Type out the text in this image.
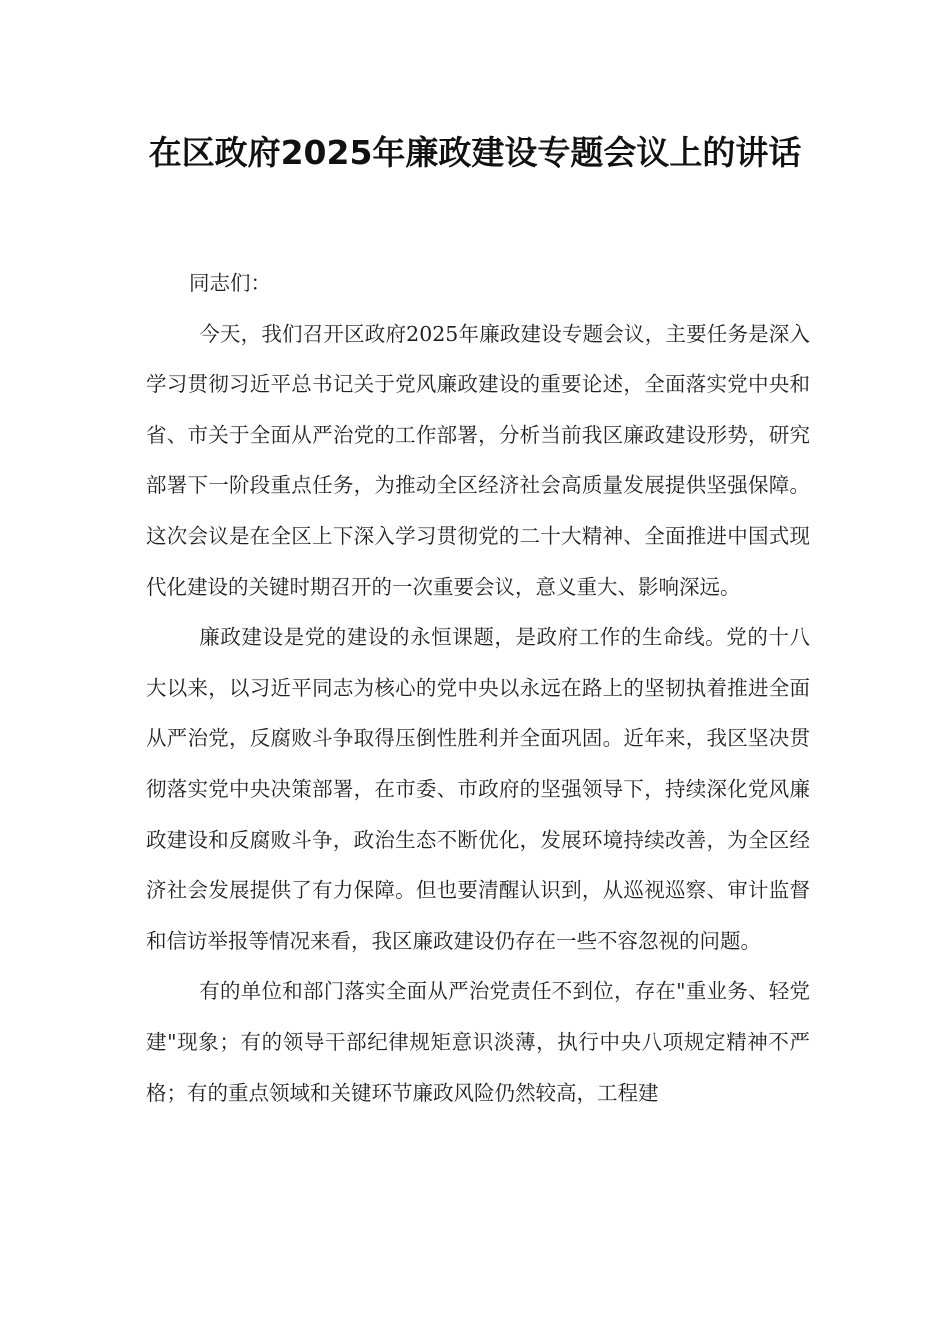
在区政府2025年廉政建设专题会议上的讲话

同志们：

今天，我们召开区政府2025年廉政建设专题会议，主要任务是深入学习贯彻习近平总书记关于党风廉政建设的重要论述，全面落实党中央和省、市关于全面从严治党的工作部署，分析当前我区廉政建设形势，研究部署下一阶段重点任务，为推动全区经济社会高质量发展提供坚强保障。这次会议是在全区上下深入学习贯彻党的二十大精神、全面推进中国式现代化建设的关键时期召开的一次重要会议，意义重大、影响深远。

廉政建设是党的建设的永恒课题，是政府工作的生命线。党的十八大以来，以习近平同志为核心的党中央以永远在路上的坚韧执着推进全面从严治党，反腐败斗争取得压倒性胜利并全面巩固。近年来，我区坚决贯彻落实党中央决策部署，在市委、市政府的坚强领导下，持续深化党风廉政建设和反腐败斗争，政治生态不断优化，发展环境持续改善，为全区经济社会发展提供了有力保障。但也要清醒认识到，从巡视巡察、审计监督和信访举报等情况来看，我区廉政建设仍存在一些不容忽视的问题。

有的单位和部门落实全面从严治党责任不到位，存在"重业务、轻党建"现象；有的领导干部纪律规矩意识淡薄，执行中央八项规定精神不严格；有的重点领域和关键环节廉政风险仍然较高，工程建
